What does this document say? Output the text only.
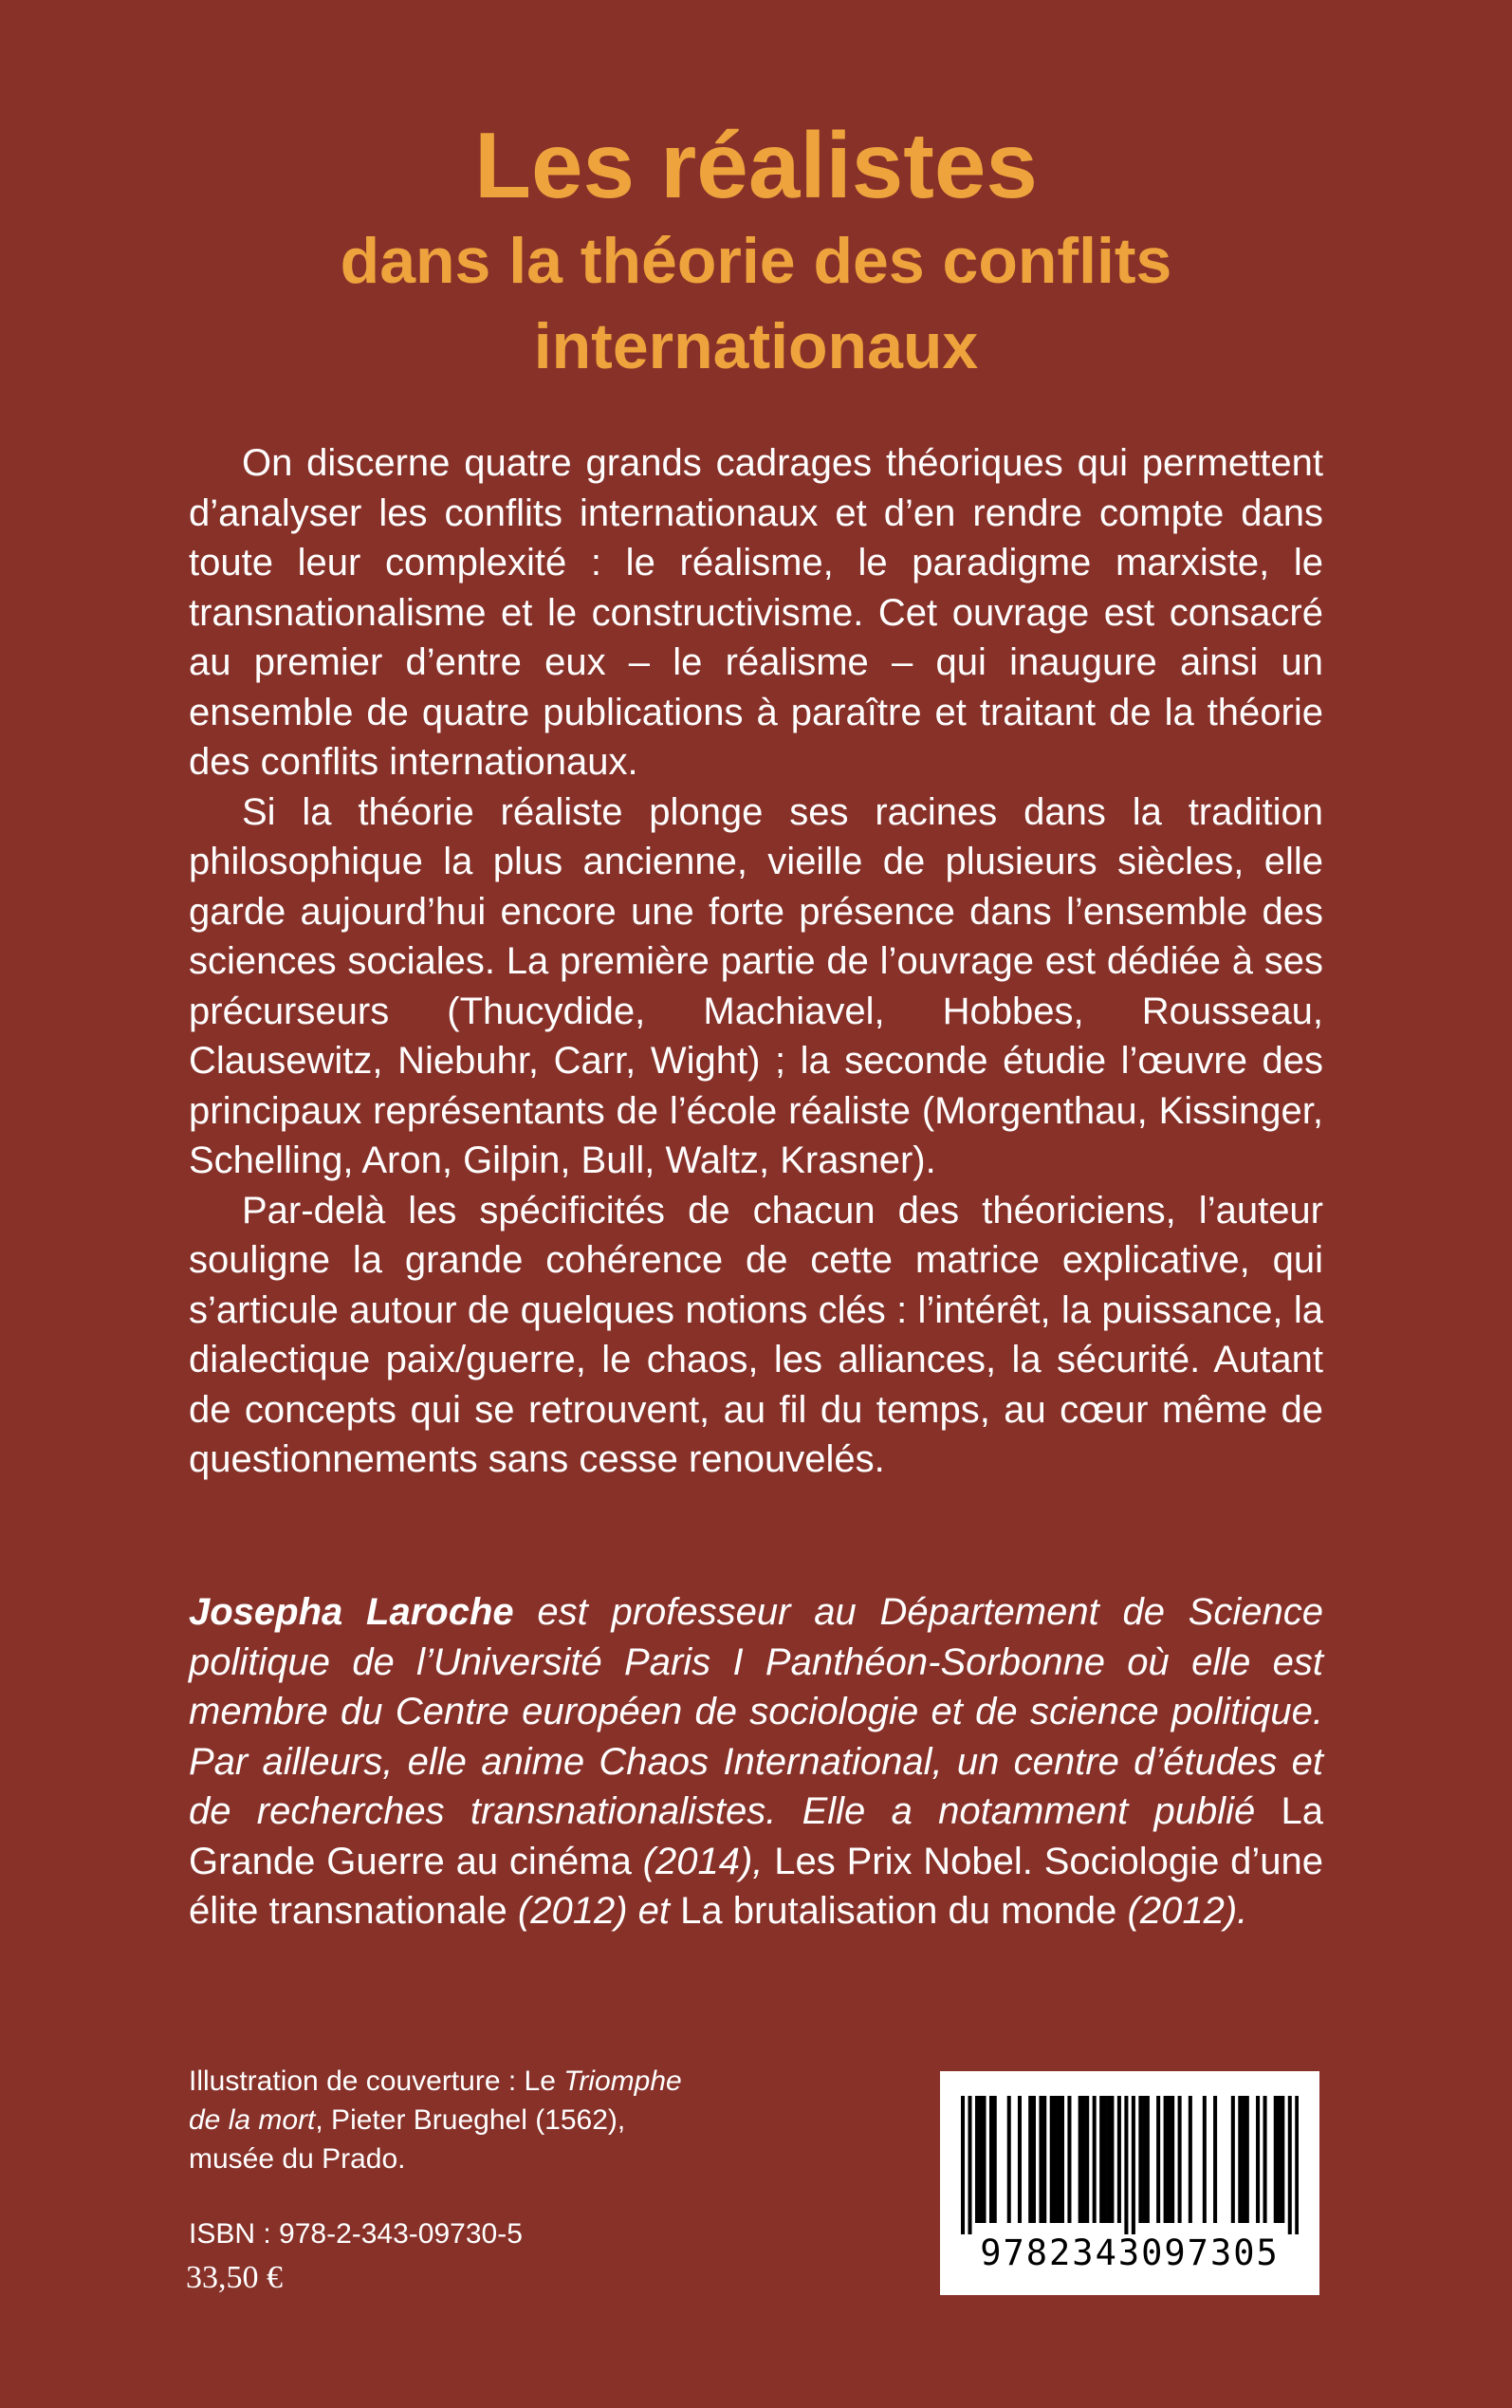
Les réalistes
dans la théorie des conflits
internationaux

On discerne quatre grands cadrages théoriques qui permettent d’analyser les conflits internationaux et d’en rendre compte dans toute leur complexité : le réalisme, le paradigme marxiste, le transnationalisme et le constructivisme. Cet ouvrage est consacré au premier d’entre eux – le réalisme – qui inaugure ainsi un ensemble de quatre publications à paraître et traitant de la théorie des conflits internationaux.

Si la théorie réaliste plonge ses racines dans la tradition philosophique la plus ancienne, vieille de plusieurs siècles, elle garde aujourd’hui encore une forte présence dans l’ensemble des sciences sociales. La première partie de l’ouvrage est dédiée à ses précurseurs (Thucydide, Machiavel, Hobbes, Rousseau, Clausewitz, Niebuhr, Carr, Wight) ; la seconde étudie l’œuvre des principaux représentants de l’école réaliste (Morgenthau, Kissinger, Schelling, Aron, Gilpin, Bull, Waltz, Krasner).

Par-delà les spécificités de chacun des théoriciens, l’auteur souligne la grande cohérence de cette matrice explicative, qui s’articule autour de quelques notions clés : l’intérêt, la puissance, la dialectique paix/guerre, le chaos, les alliances, la sécurité. Autant de concepts qui se retrouvent, au fil du temps, au cœur même de questionnements sans cesse renouvelés.

Josepha Laroche est professeur au Département de Science politique de l’Université Paris I Panthéon-Sorbonne où elle est membre du Centre européen de sociologie et de science politique. Par ailleurs, elle anime Chaos International, un centre d’études et de recherches transnationalistes. Elle a notamment publié La Grande Guerre au cinéma (2014), Les Prix Nobel. Sociologie d’une élite transnationale (2012) et La brutalisation du monde (2012).

Illustration de couverture : Le Triomphe
de la mort, Pieter Brueghel (1562),
musée du Prado.
ISBN : 978-2-343-09730-5
33,50 €
9782343097305
